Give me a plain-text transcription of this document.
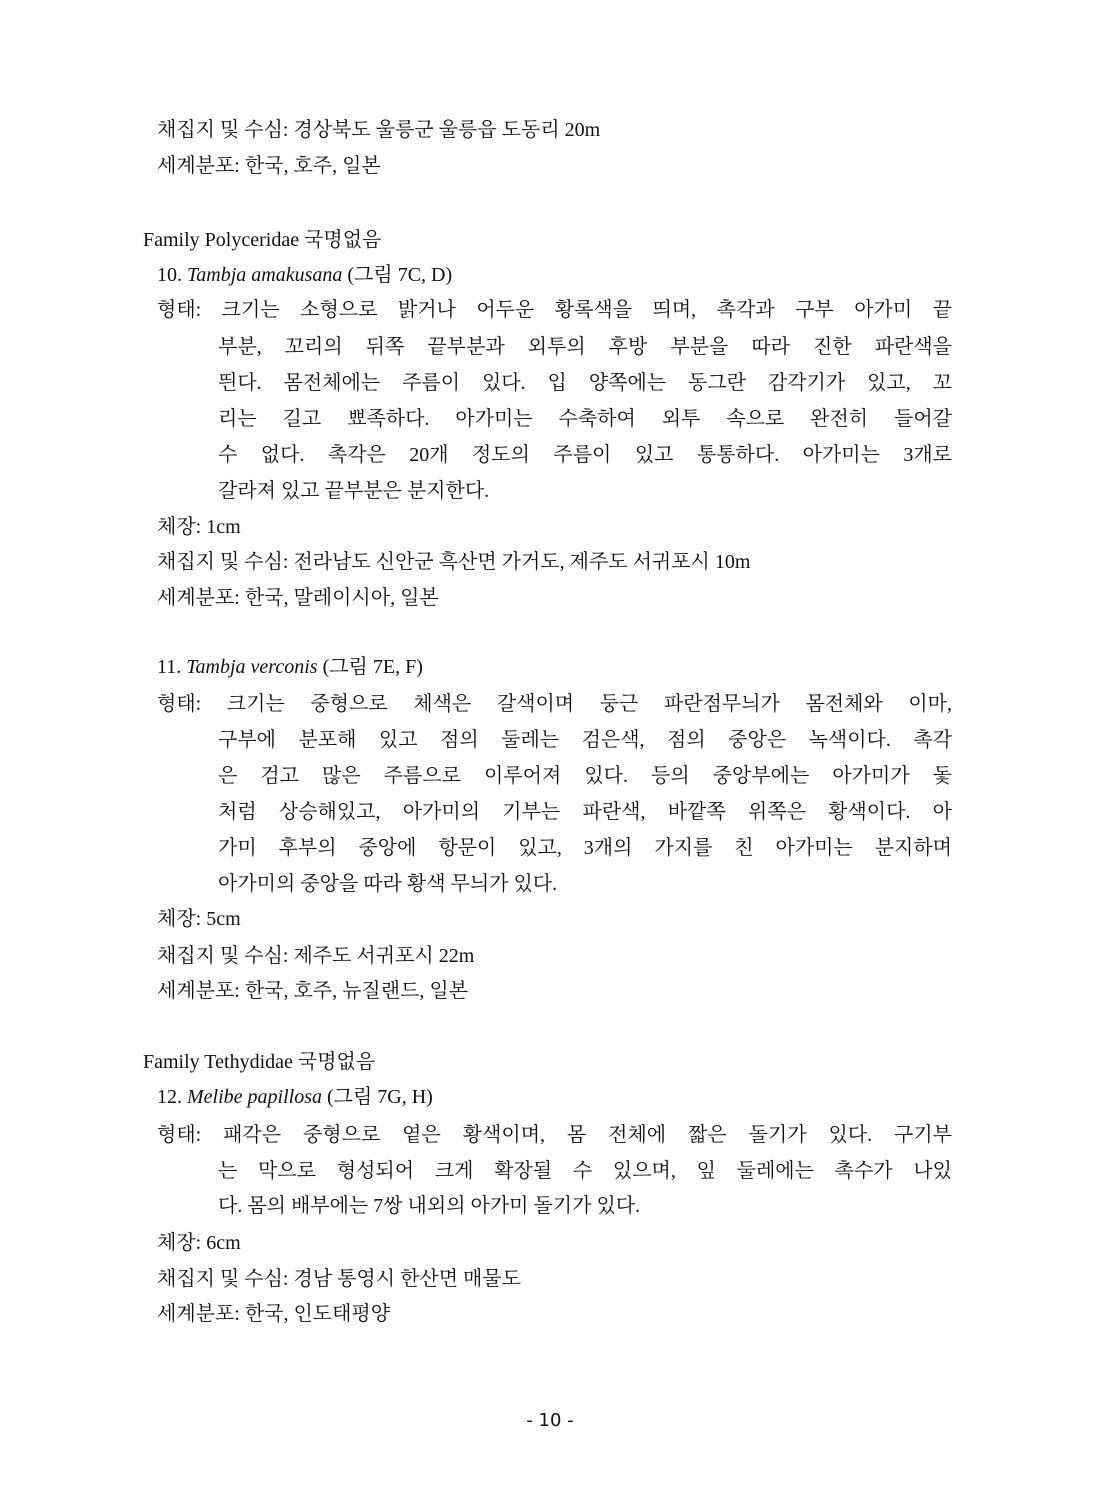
채집지 및 수심: 경상북도 울릉군 울릉읍 도동리 20m
세계분포: 한국, 호주, 일본
Family Polyceridae 국명없음
10. Tambja amakusana (그림 7C, D)
형태: 크기는 소형으로 밝거나 어두운 황록색을 띄며, 촉각과 구부 아가미 끝
부분, 꼬리의 뒤쪽 끝부분과 외투의 후방 부분을 따라 진한 파란색을
띈다. 몸전체에는 주름이 있다. 입 양쪽에는 동그란 감각기가 있고, 꼬
리는 길고 뾰족하다. 아가미는 수축하여 외투 속으로 완전히 들어갈
수 없다. 촉각은 20개 정도의 주름이 있고 통통하다. 아가미는 3개로
갈라져 있고 끝부분은 분지한다.
체장: 1cm
채집지 및 수심: 전라남도 신안군 흑산면 가거도, 제주도 서귀포시 10m
세계분포: 한국, 말레이시아, 일본
11. Tambja verconis (그림 7E, F)
형태: 크기는 중형으로 체색은 갈색이며 둥근 파란점무늬가 몸전체와 이마,
구부에 분포해 있고 점의 둘레는 검은색, 점의 중앙은 녹색이다. 촉각
은 검고 많은 주름으로 이루어져 있다. 등의 중앙부에는 아가미가 돛
처럼 상승해있고, 아가미의 기부는 파란색, 바깥쪽 위쪽은 황색이다. 아
가미 후부의 중앙에 항문이 있고, 3개의 가지를 친 아가미는 분지하며
아가미의 중앙을 따라 황색 무늬가 있다.
체장: 5cm
채집지 및 수심: 제주도 서귀포시 22m
세계분포: 한국, 호주, 뉴질랜드, 일본
Family Tethydidae 국명없음
12. Melibe papillosa (그림 7G, H)
형태: 패각은 중형으로 옅은 황색이며, 몸 전체에 짧은 돌기가 있다. 구기부
는 막으로 형성되어 크게 확장될 수 있으며, 잎 둘레에는 촉수가 나있
다. 몸의 배부에는 7쌍 내외의 아가미 돌기가 있다.
체장: 6cm
채집지 및 수심: 경남 통영시 한산면 매물도
세계분포: 한국, 인도태평양
- 10 -
